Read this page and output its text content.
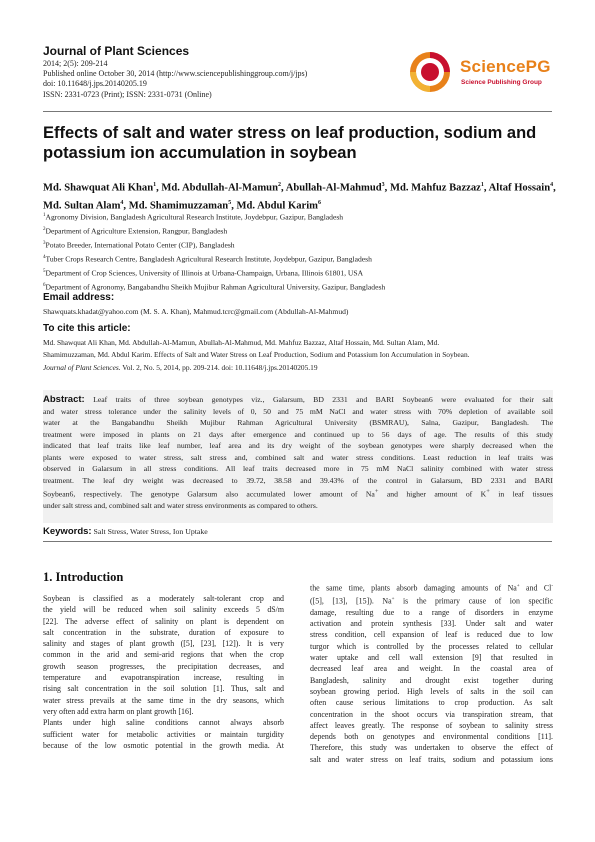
Journal of Plant Sciences
2014; 2(5): 209-214
Published online October 30, 2014 (http://www.sciencepublishinggroup.com/j/jps)
doi: 10.11648/j.jps.20140205.19
ISSN: 2331-0723 (Print); ISSN: 2331-0731 (Online)
SciencePG
Science Publishing Group
Effects of salt and water stress on leaf production, sodium and potassium ion accumulation in soybean
Md. Shawquat Ali Khan$^1$, Md. Abdullah-Al-Mamun$^2$, Abullah-Al-Mahmud$^3$, Md. Mahfuz Bazzaz$^1$, Altaf Hossain$^4$, Md. Sultan Alam$^4$, Md. Shamimuzzaman$^5$, Md. Abdul Karim$^6$
$^1$Agronomy Division, Bangladesh Agricultural Research Institute, Joydebpur, Gazipur, Bangladesh
$^2$Department of Agriculture Extension, Rangpur, Bangladesh
$^3$Potato Breeder, International Potato Center (CIP), Bangladesh
$^4$Tuber Crops Research Centre, Bangladesh Agricultural Research Institute, Joydebpur, Gazipur, Bangladesh
$^5$Department of Crop Sciences, University of Illinois at Urbana-Champaign, Urbana, Illinois 61801, USA
$^6$Department of Agronomy, Bangabandhu Sheikh Mujibur Rahman Agricultural University, Gazipur, Bangladesh
Email address:
Shawquats.khadat@yahoo.com (M. S. A. Khan), Mahmud.tcrc@gmail.com (Abdullah-Al-Mahmud)
To cite this article:
Md. Shawquat Ali Khan, Md. Abdullah-Al-Mamun, Abullah-Al-Mahmud, Md. Mahfuz Bazzaz, Altaf Hossain, Md. Sultan Alam, Md.
Shamimuzzaman, Md. Abdul Karim. Effects of Salt and Water Stress on Leaf Production, Sodium and Potassium Ion Accumulation in Soybean.
Journal of Plant Sciences. Vol. 2, No. 5, 2014, pp. 209-214. doi: 10.11648/j.jps.20140205.19
Abstract: Leaf traits of three soybean genotypes viz., Galarsum, BD 2331 and BARI Soybean6 were evaluated for their salt
and water stress tolerance under the salinity levels of 0, 50 and 75 mM NaCl and water stress with 70% depletion of available soil
water at the Bangabandhu Sheikh Mujibur Rahman Agricultural University (BSMRAU), Salna, Gazipur, Bangladesh. The
treatment were imposed in plants on 21 days after emergence and continued up to 56 days of age. The results of this study
indicated that leaf traits like leaf number, leaf area and its dry weight of the soybean genotypes were sharply decreased when the
plants were exposed to water stress, salt stress and, combined salt and water stress conditions. Least reduction in leaf traits was
observed in Galarsum in all stress conditions. All leaf traits decreased more in 75 mM NaCl salinity combined with water stress
treatment. The leaf dry weight was decreased to 39.72, 38.58 and 39.43% of the control in Galarsum, BD 2331 and BARI
Soybean6, respectively. The genotype Galarsum also accumulated lower amount of Na+ and higher amount of K+ in leaf tissues
under salt stress and, combined salt and water stress environments as compared to others.
Keywords: Salt Stress, Water Stress, Ion Uptake
1. Introduction
Soybean is classified as a moderately salt-tolerant crop and
the yield will be reduced when soil salinity exceeds 5 dS/m
[22]. The adverse effect of salinity on plant is dependent on
salt concentration in the substrate, duration of exposure to
salinity and stages of plant growth ([5], [23], [12]). It is very
common in the arid and semi-arid regions that when the crop
growth season progresses, the precipitation decreases, and
temperature and evapotranspiration increase, resulting in
rising salt concentration in the soil solution [1]. Thus, salt and
water stress prevails at the same time in the dry seasons, which
very often add extra harm on plant growth [16].
Plants under high saline conditions cannot always absorb
sufficient water for metabolic activities or maintain turgidity
because of the low osmotic potential in the growth media. At
the same time, plants absorb damaging amounts of Na+ and Cl-
([5], [13], [15]). Na+ is the primary cause of ion specific
damage, resulting due to a range of disorders in enzyme
activation and protein synthesis [33]. Under salt and water
stress condition, cell expansion of leaf is reduced due to low
turgor which is controlled by the processes related to cellular
water uptake and cell wall extension [9] that resulted in
decreased leaf area and weight. In the coastal area of
Bangladesh, salinity and drought exist together during
soybean growing period. High levels of salts in the soil can
often cause serious limitations to crop production. As salt
concentration in the shoot occurs via transpiration stream, that
affect leaves greatly. The response of soybean to salinity stress
depends both on genotypes and environmental conditions [11].
Therefore, this study was undertaken to observe the effect of
salt and water stress on leaf traits, sodium and potassium ions
